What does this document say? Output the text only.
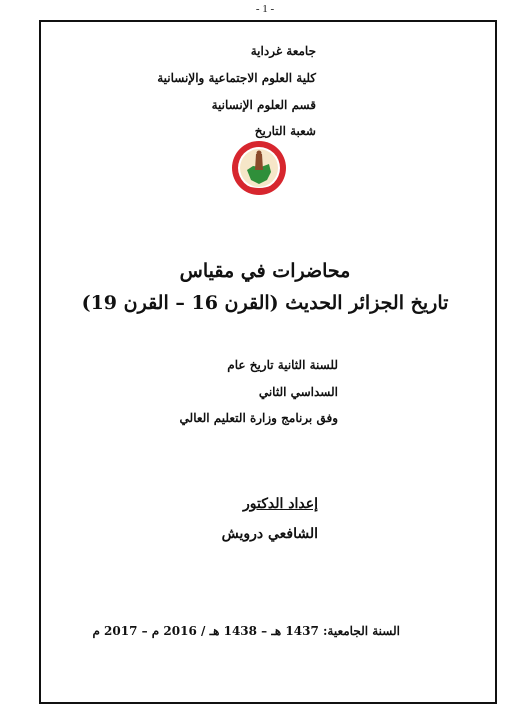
- 1 -
جامعة غرداية
كلية العلوم الاجتماعية والإنسانية
قسم العلوم الإنسانية
شعبة التاريخ
محاضرات في مقياس
تاريخ الجزائر الحديث (القرن 16 – القرن 19)
للسنة الثانية تاريخ عام
السداسي الثاني
وفق برنامج وزارة التعليم العالي
إعداد الدكتور
الشافعي درويش
السنة الجامعية: 1437 هـ – 1438 هـ / 2016 م – 2017 م
